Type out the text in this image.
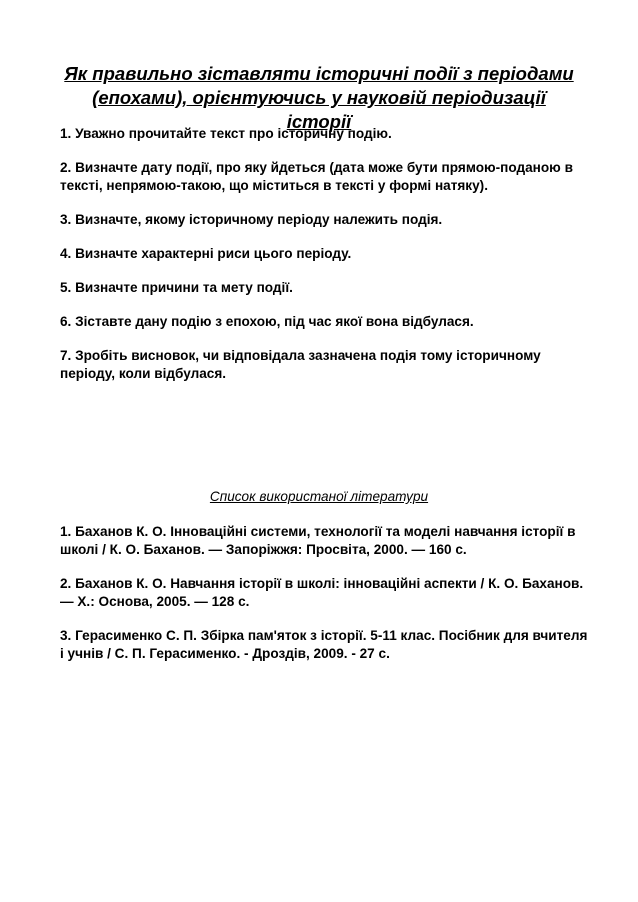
Як правильно зіставляти історичні події з періодами (епохами), орієнтуючись у науковій періодизації історії
1. Уважно прочитайте текст про історичну подію.
2. Визначте дату події, про яку йдеться (дата може бути прямою-поданою в тексті, непрямою-такою, що міститься в тексті у формі натяку).
3. Визначте, якому історичному періоду належить подія.
4. Визначте характерні риси цього періоду.
5. Визначте причини та мету події.
6. Зіставте дану подію з епохою, під час якої вона відбулася.
7. Зробіть висновок, чи відповідала зазначена подія тому історичному періоду, коли відбулася.
Список використаної літератури
1. Баханов К. О. Інноваційні системи, технології та моделі навчання історії в школі / К. О. Баханов. — Запоріжжя: Просвіта, 2000. — 160 с.
2. Баханов К. О. Навчання історії в школі: інноваційні аспекти / К. О. Баханов. — Х.: Основа, 2005. — 128 с.
3. Герасименко С. П. Збірка пам'яток з історії. 5-11 клас. Посібник для вчителя і учнів / С. П. Герасименко. - Дроздів, 2009. - 27 с.
